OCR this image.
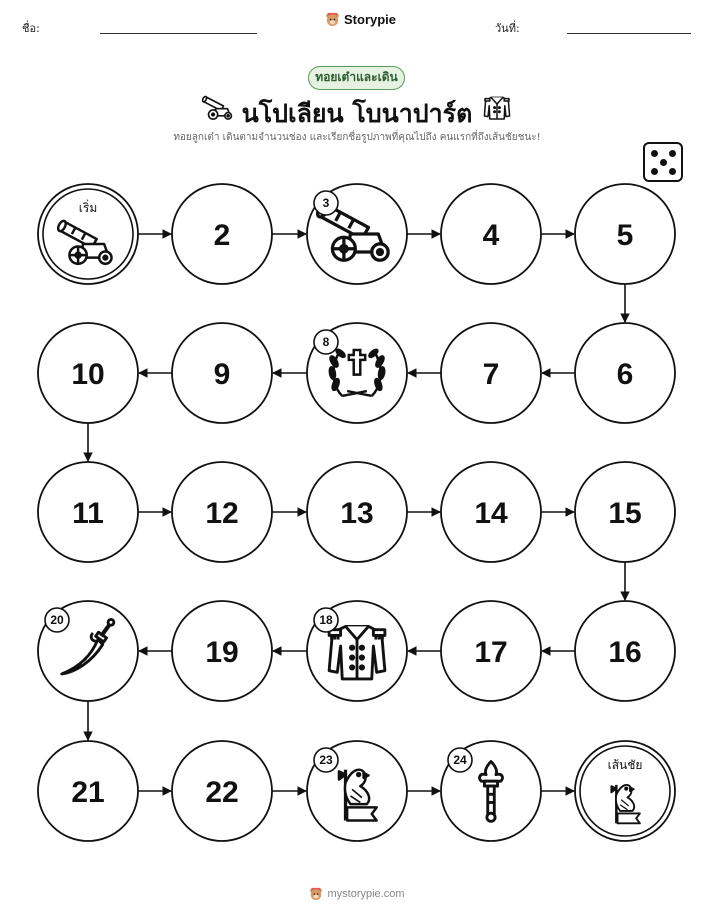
ชื่อ:
Storypie
วันที่:
ทอยเต๋าและเดิน
นโปเลียน โบนาปาร์ต
ทอยลูกเต๋า เดินตามจำนวนช่อง และเรียกชื่อรูปภาพที่คุณไปถึง คนแรกที่ถึงเส้นชัยชนะ!
เริ่ม
2
3
4	5
6
7
8
9
10
11	12	13	14	15
16
17
18
19
20
21	22
23	24	เส้นชัย
mystorypie.com
